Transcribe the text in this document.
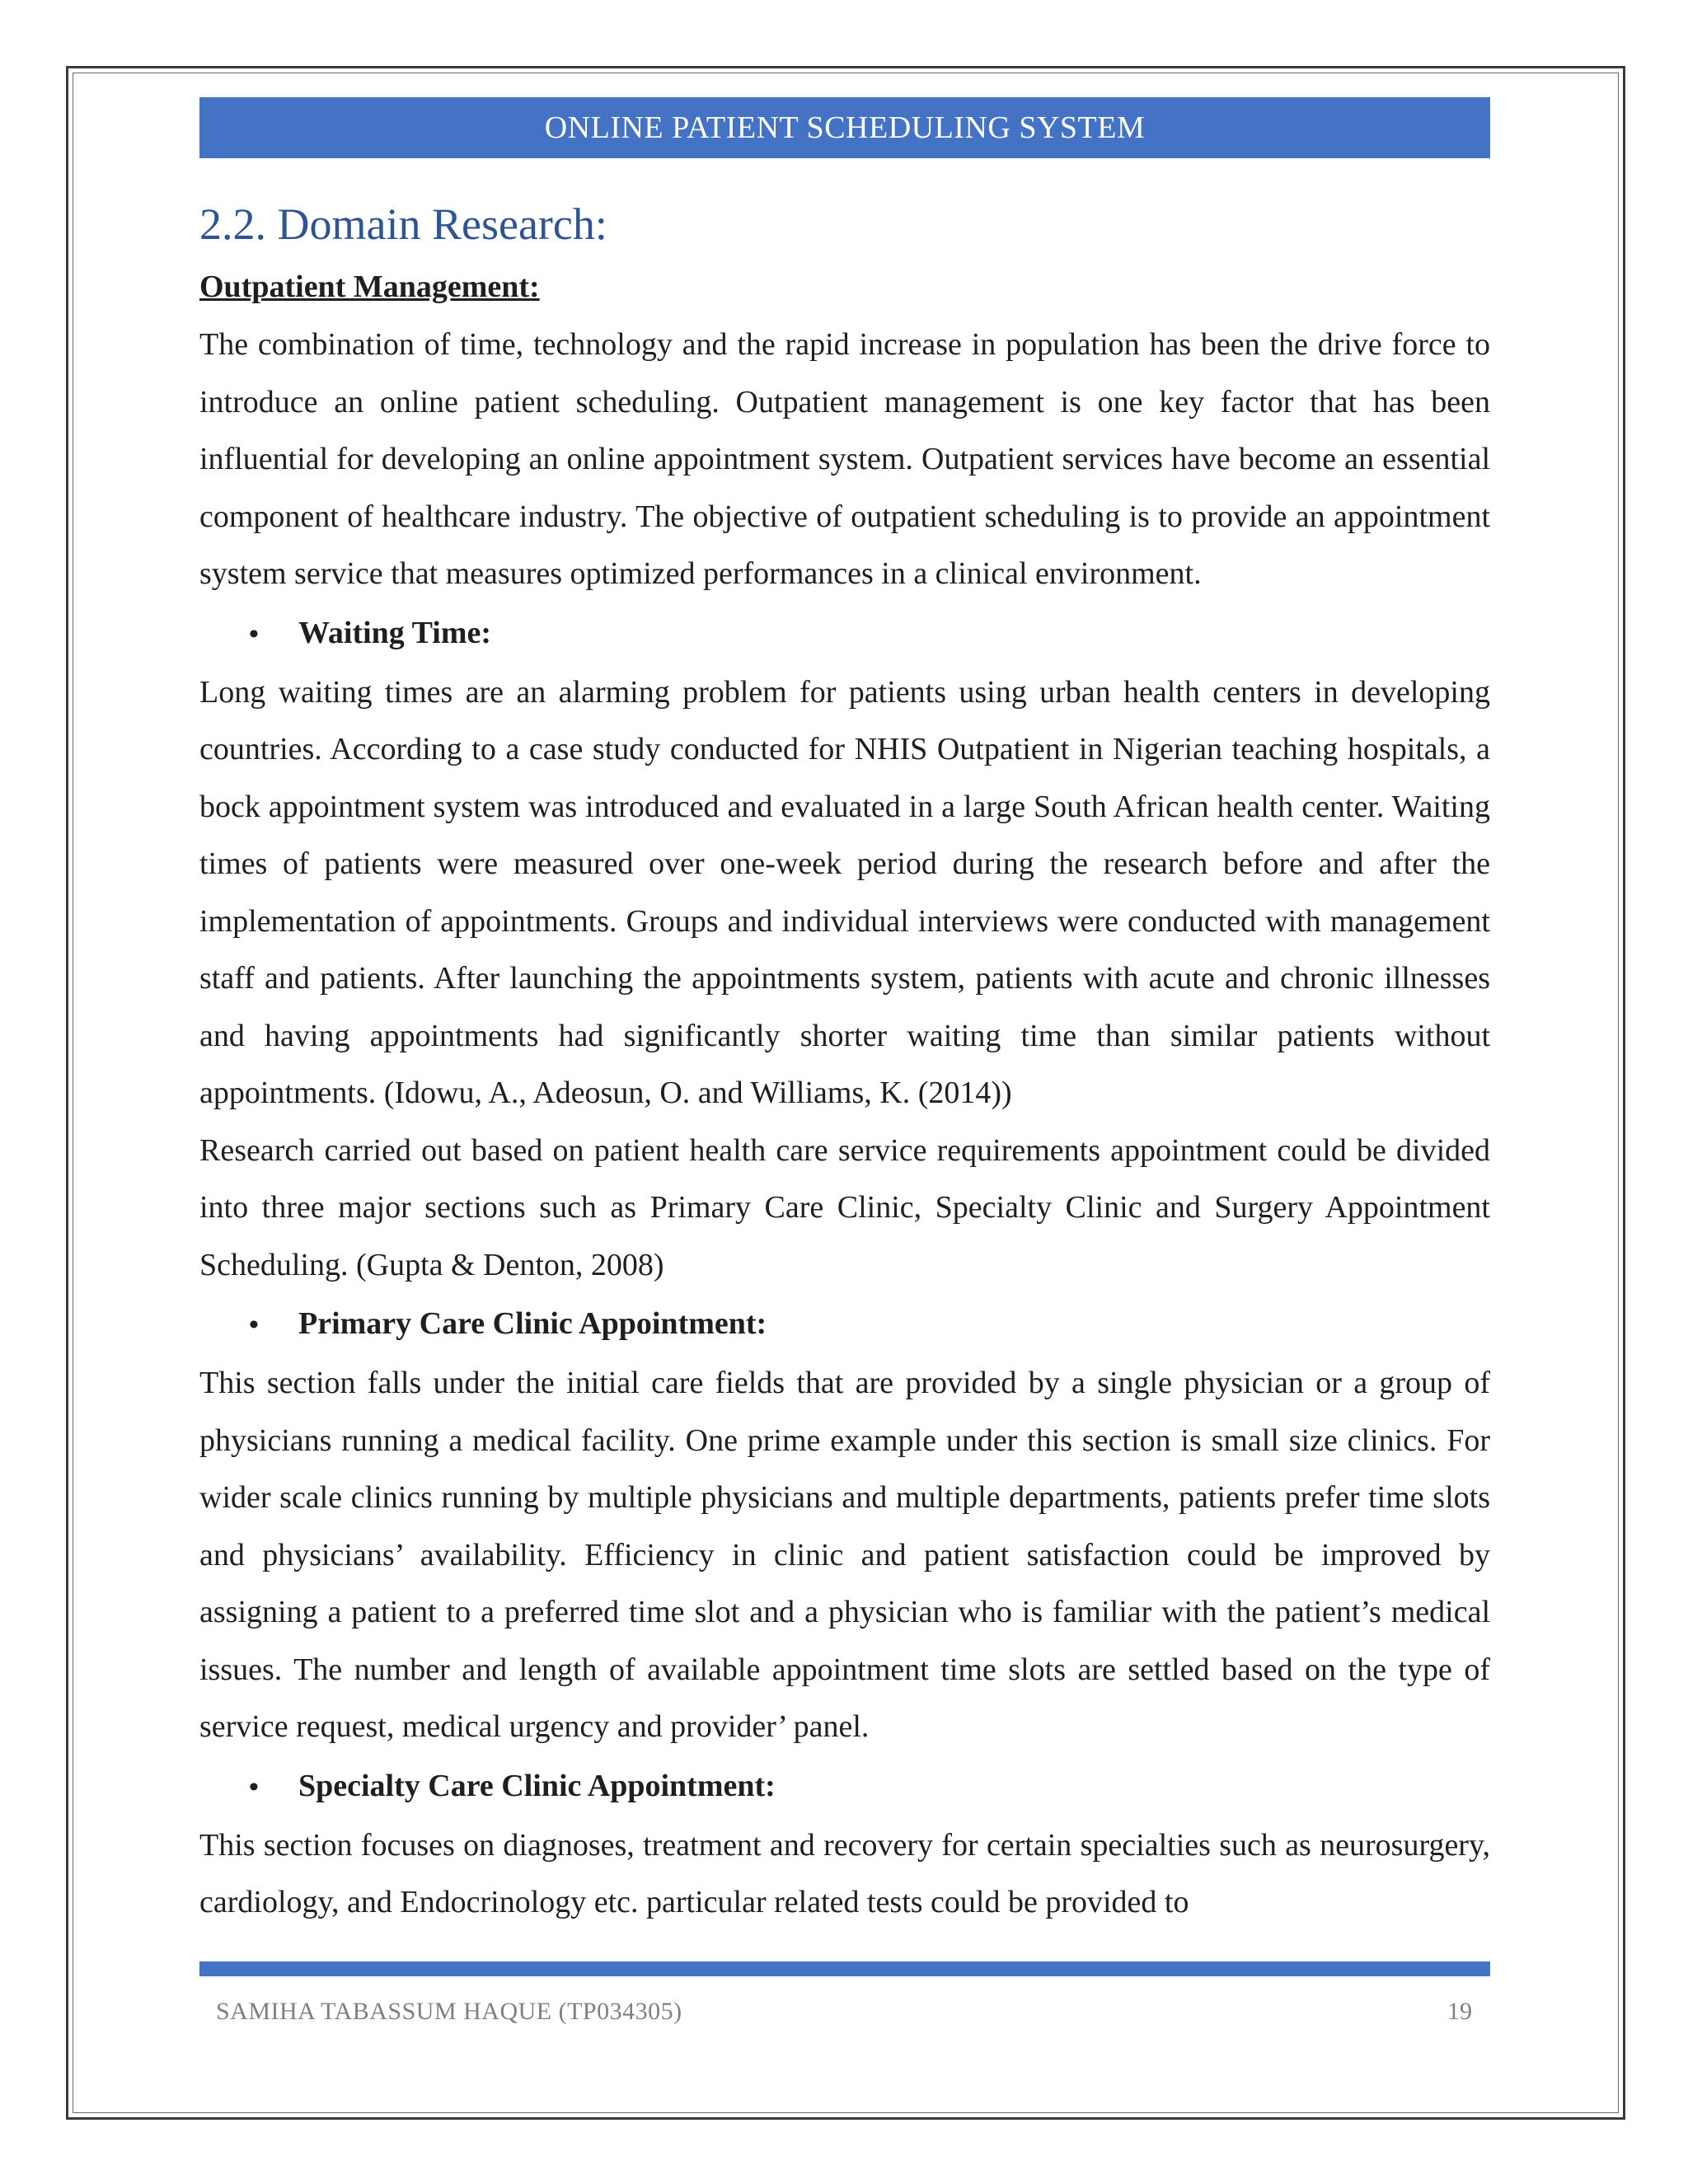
ONLINE PATIENT SCHEDULING SYSTEM
2.2. Domain Research:
Outpatient Management:

The combination of time, technology and the rapid increase in population has been the drive force to introduce an online patient scheduling. Outpatient management is one key factor that has been influential for developing an online appointment system. Outpatient services have become an essential component of healthcare industry. The objective of outpatient scheduling is to provide an appointment system service that measures optimized performances in a clinical environment.

•	Waiting Time:

Long waiting times are an alarming problem for patients using urban health centers in developing countries. According to a case study conducted for NHIS Outpatient in Nigerian teaching hospitals, a bock appointment system was introduced and evaluated in a large South African health center. Waiting times of patients were measured over one-week period during the research before and after the implementation of appointments. Groups and individual interviews were conducted with management staff and patients. After launching the appointments system, patients with acute and chronic illnesses and having appointments had significantly shorter waiting time than similar patients without appointments. (Idowu, A., Adeosun, O. and Williams, K. (2014))

Research carried out based on patient health care service requirements appointment could be divided into three major sections such as Primary Care Clinic, Specialty Clinic and Surgery Appointment Scheduling. (Gupta & Denton, 2008)

•	Primary Care Clinic Appointment:

This section falls under the initial care fields that are provided by a single physician or a group of physicians running a medical facility. One prime example under this section is small size clinics. For wider scale clinics running by multiple physicians and multiple departments, patients prefer time slots and physicians’ availability. Efficiency in clinic and patient satisfaction could be improved by assigning a patient to a preferred time slot and a physician who is familiar with the patient’s medical issues. The number and length of available appointment time slots are settled based on the type of service request, medical urgency and provider’ panel.

•	Specialty Care Clinic Appointment:

This section focuses on diagnoses, treatment and recovery for certain specialties such as neurosurgery, cardiology, and Endocrinology etc. particular related tests could be provided to

SAMIHA TABASSUM HAQUE (TP034305)	19
